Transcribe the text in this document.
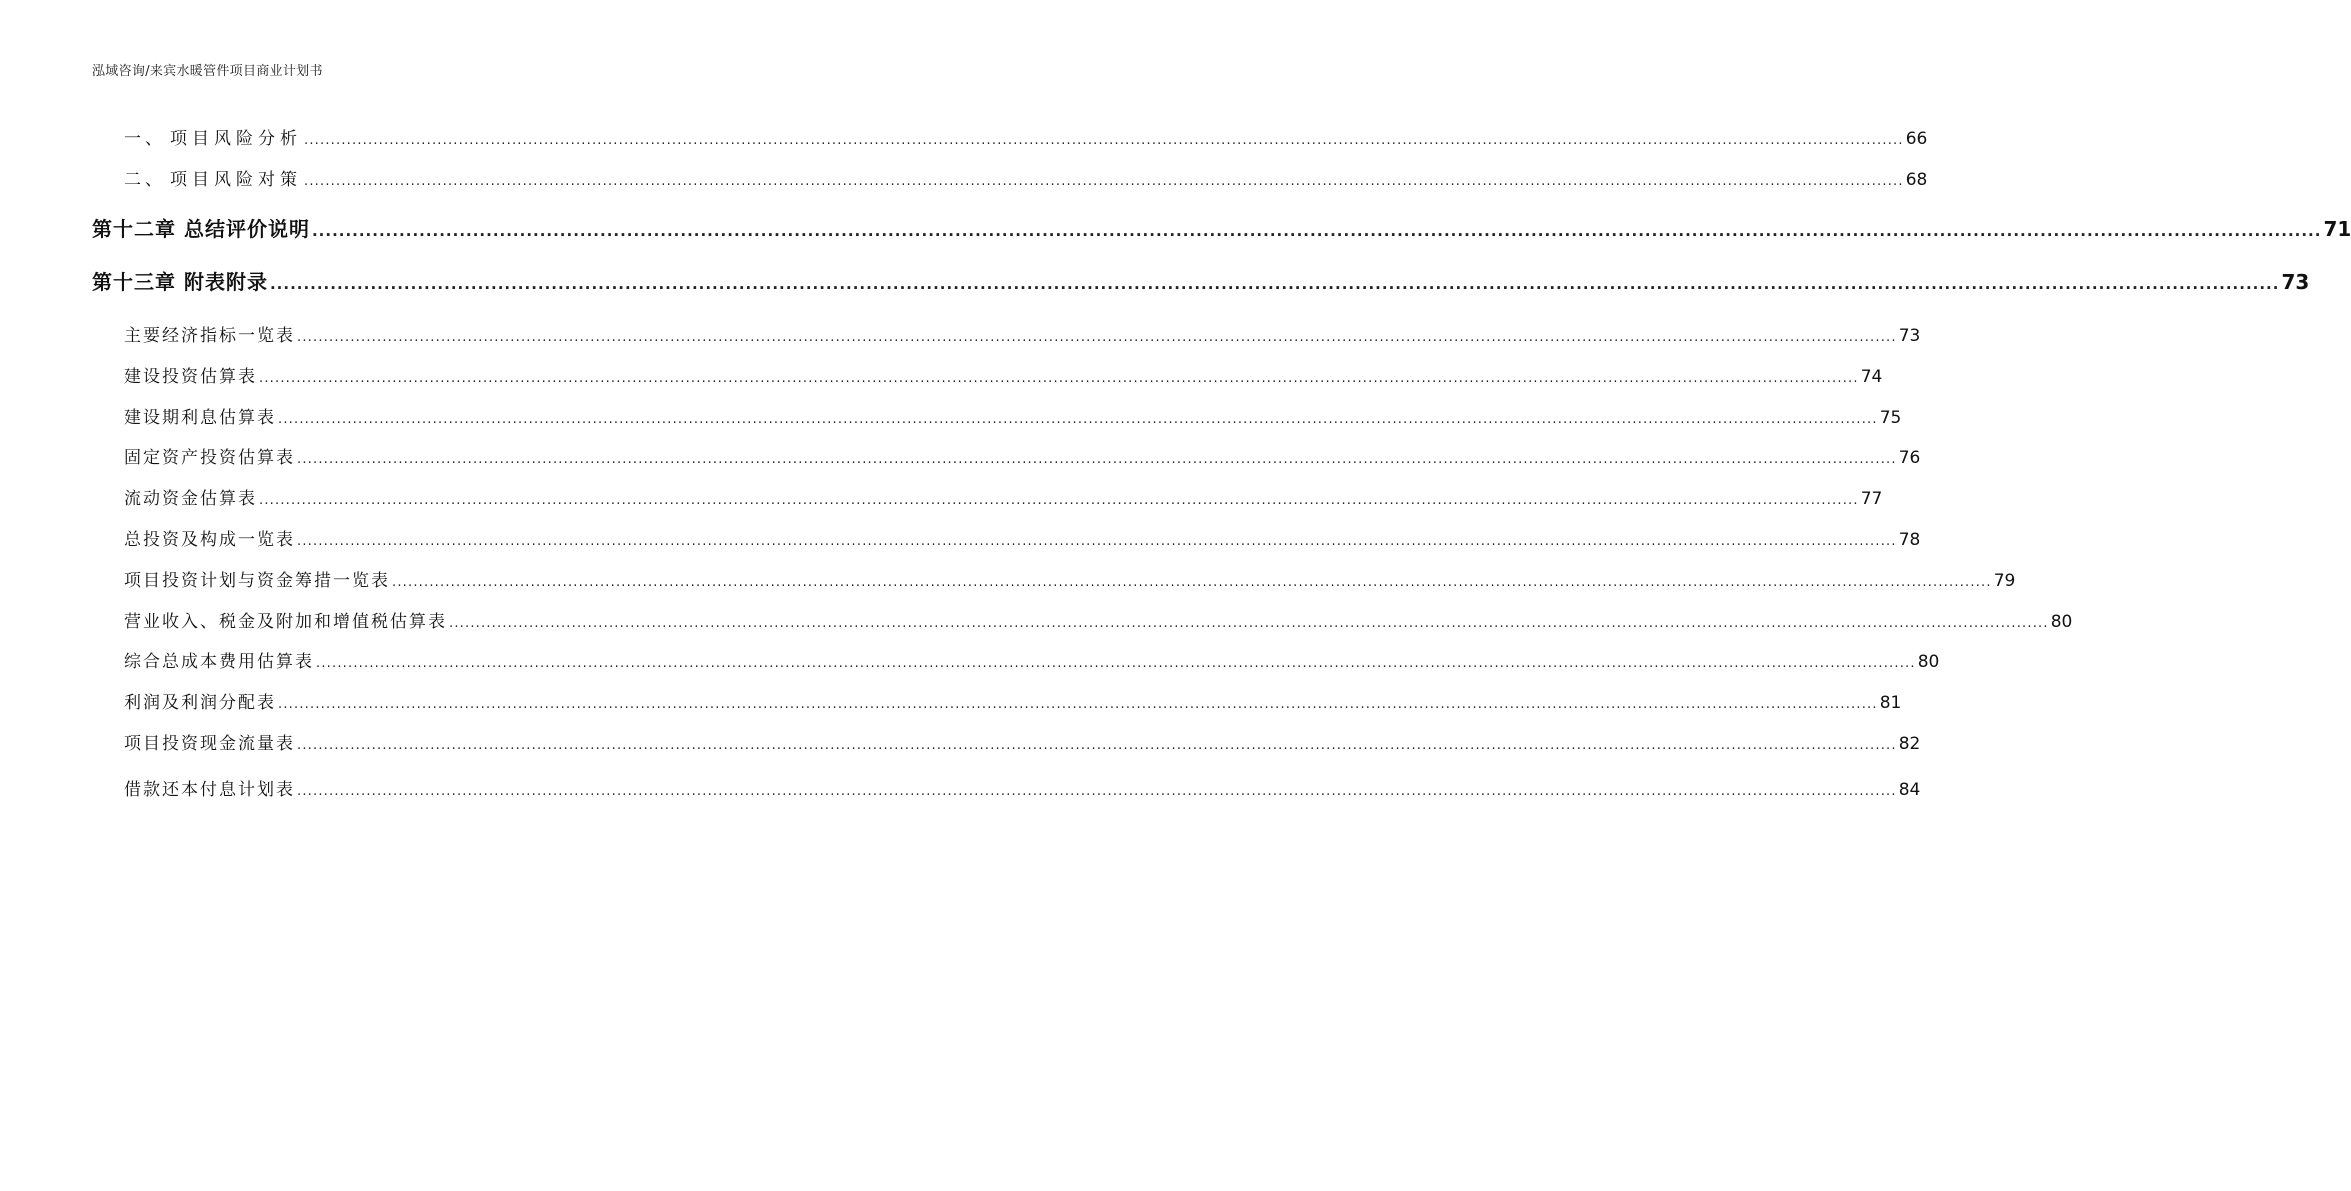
泓域咨询/来宾水暖管件项目商业计划书
一、 项目风险分析 ............................................................................................................................................................................................................................................................................................................ 66
二、 项目风险对策 ............................................................................................................................................................................................................................................................................................................ 68
第十二章 总结评价说明 ............................................................................................................................................................................................................................................................................................................ 71
第十三章 附表附录 ............................................................................................................................................................................................................................................................................................................ 73
主要经济指标一览表 ............................................................................................................................................................................................................................................................................................................ 73
建设投资估算表 ............................................................................................................................................................................................................................................................................................................ 74
建设期利息估算表 ............................................................................................................................................................................................................................................................................................................ 75
固定资产投资估算表 ............................................................................................................................................................................................................................................................................................................ 76
流动资金估算表 ............................................................................................................................................................................................................................................................................................................ 77
总投资及构成一览表 ............................................................................................................................................................................................................................................................................................................ 78
项目投资计划与资金筹措一览表 ............................................................................................................................................................................................................................................................................................................ 79
营业收入、税金及附加和增值税估算表 ............................................................................................................................................................................................................................................................................................................ 80
综合总成本费用估算表 ............................................................................................................................................................................................................................................................................................................ 80
利润及利润分配表 ............................................................................................................................................................................................................................................................................................................ 81
项目投资现金流量表 ............................................................................................................................................................................................................................................................................................................ 82
借款还本付息计划表 ............................................................................................................................................................................................................................................................................................................ 84
